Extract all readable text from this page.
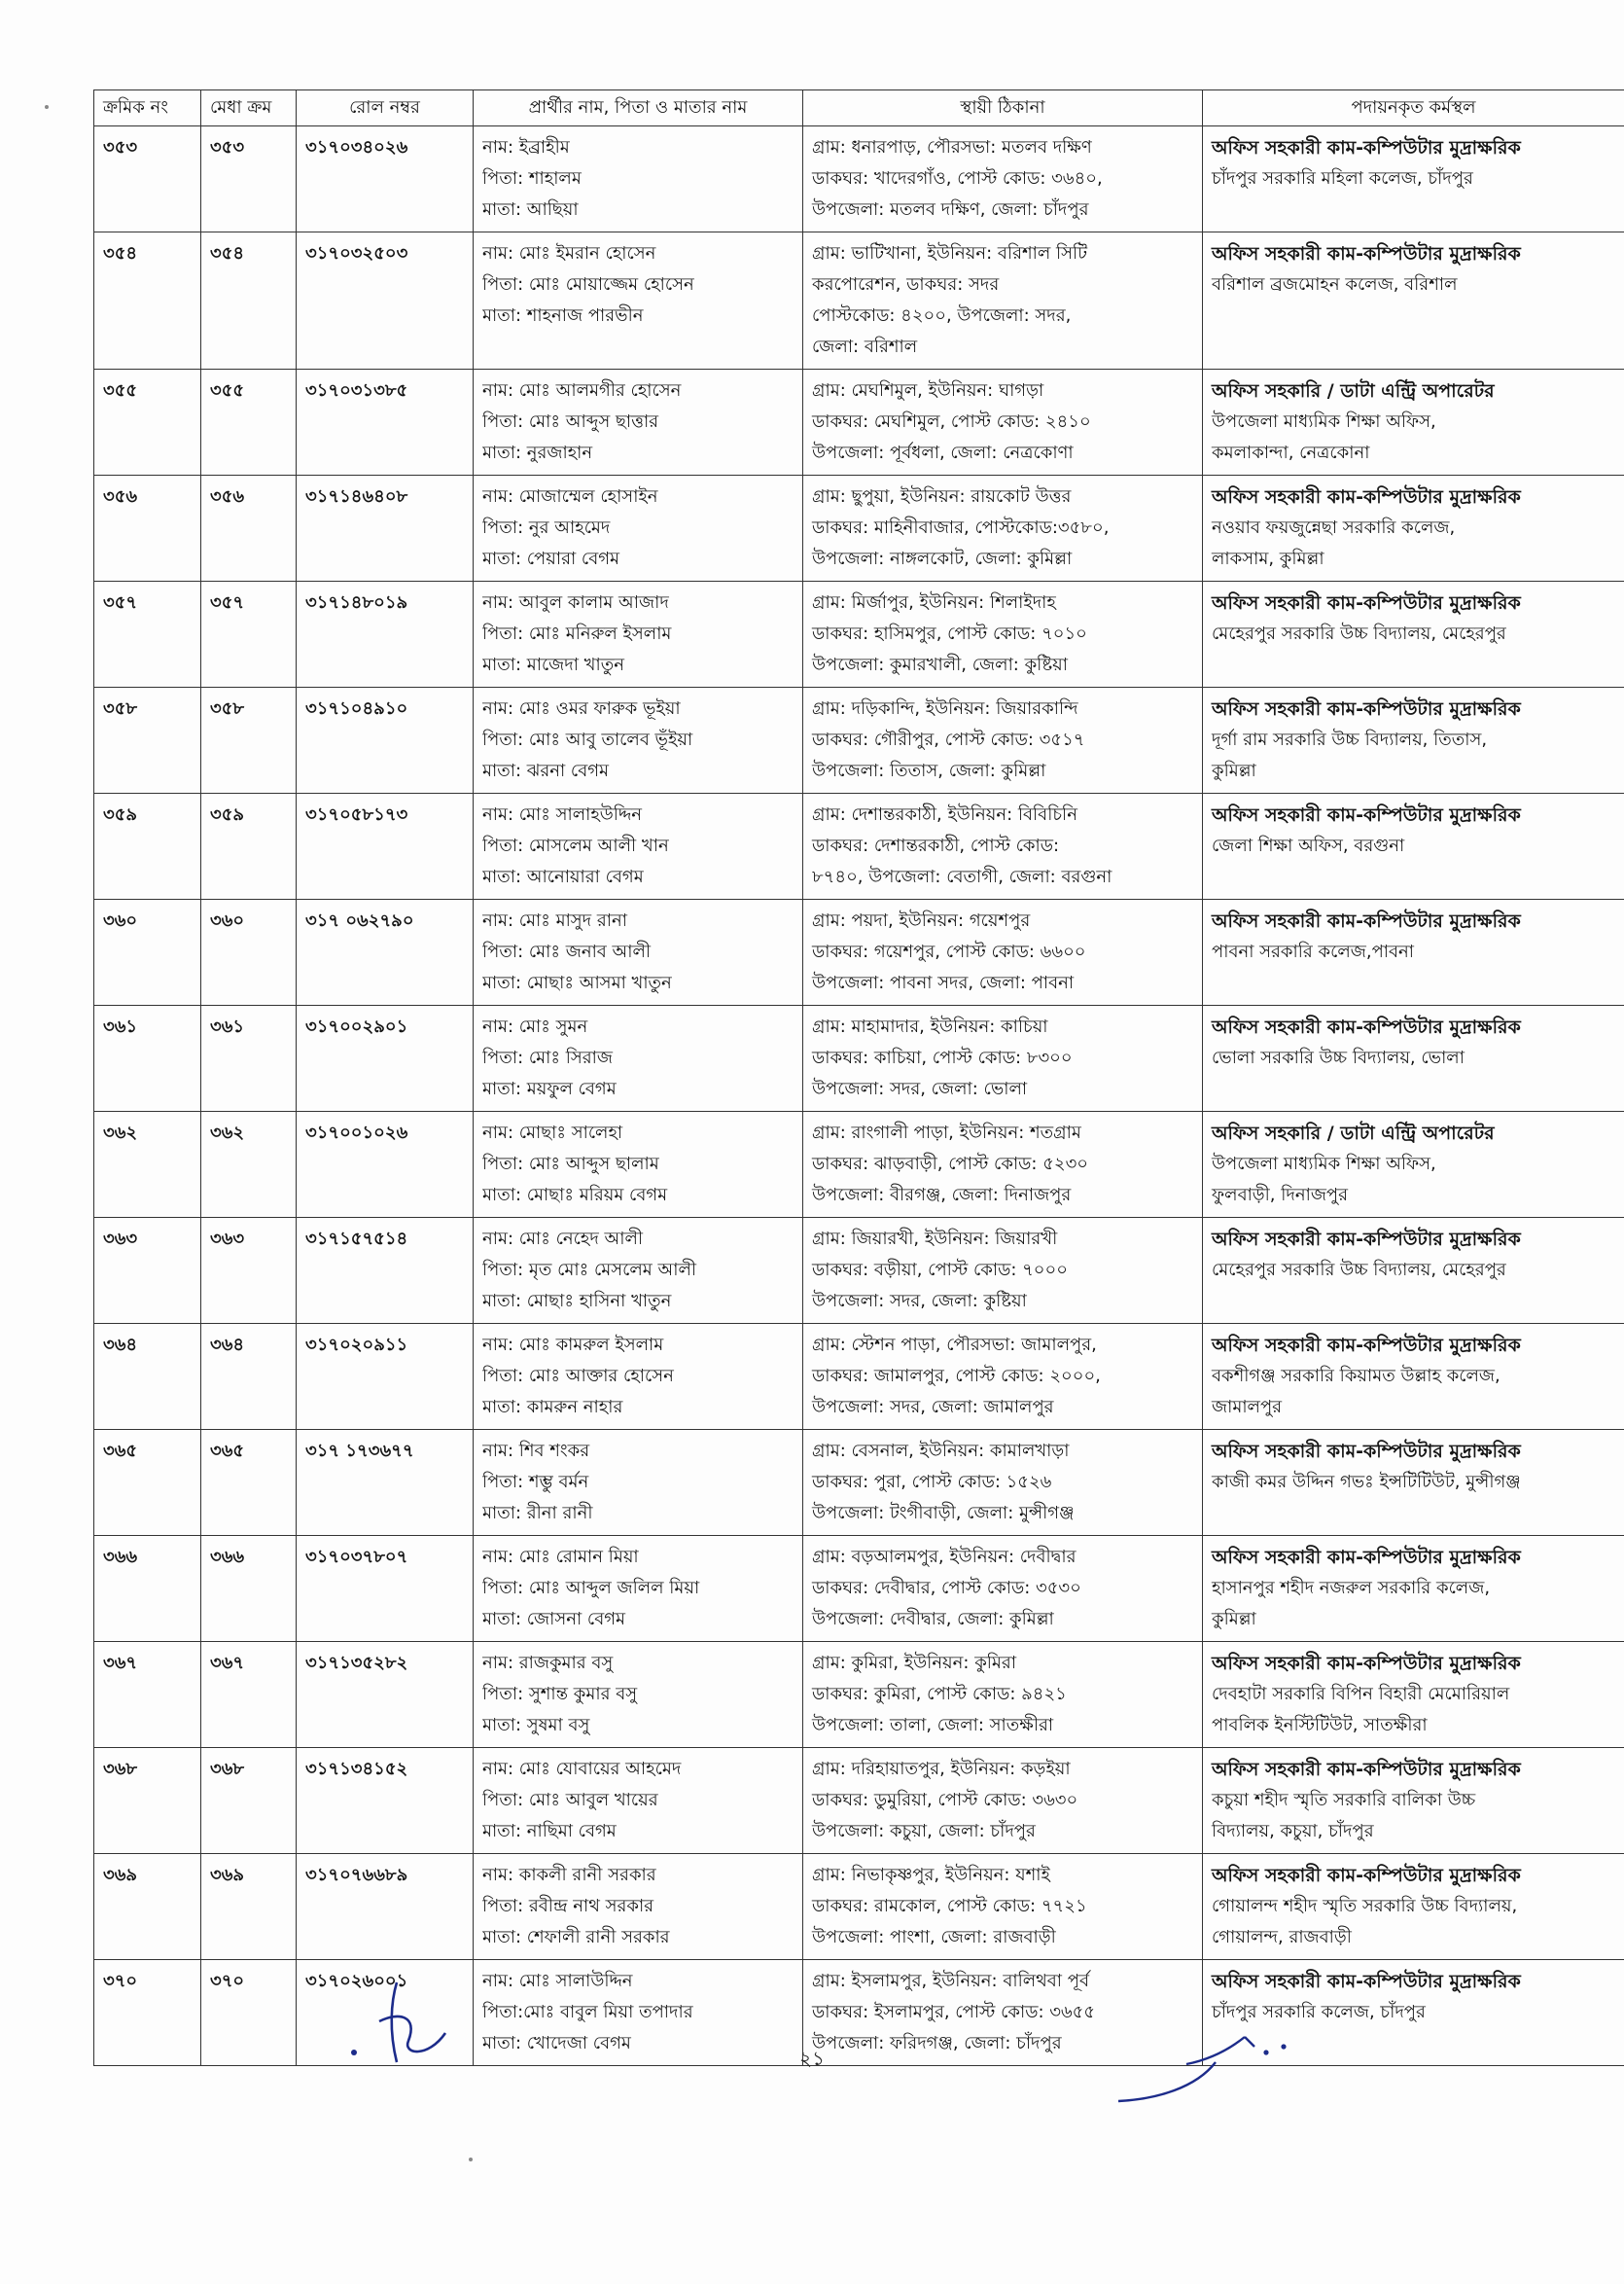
ক্রমিক নং	মেধা ক্রম	রোল নম্বর	প্রার্থীর নাম, পিতা ও মাতার নাম	স্থায়ী ঠিকানা	পদায়নকৃত কর্মস্থল
৩৫৩	৩৫৩	৩১৭০৩৪০২৬	নাম: ইব্রাহীম
পিতা: শাহালম
মাতা: আছিয়া	গ্রাম: ধনারপাড়, পৌরসভা: মতলব দক্ষিণ
ডাকঘর: খাদেরগাঁও, পোস্ট কোড: ৩৬৪০,
উপজেলা: মতলব দক্ষিণ, জেলা: চাঁদপুর	অফিস সহকারী কাম-কম্পিউটার মুদ্রাক্ষরিক
চাঁদপুর সরকারি মহিলা কলেজ, চাঁদপুর

৩৫৪	৩৫৪	৩১৭০৩২৫০৩	নাম: মোঃ ইমরান হোসেন
পিতা: মোঃ মোয়াজ্জেম হোসেন
মাতা: শাহনাজ পারভীন	গ্রাম: ভাটিখানা, ইউনিয়ন: বরিশাল সিটি
করপোরেশন, ডাকঘর: সদর
পোস্টকোড: ৪২০০, উপজেলা: সদর,
জেলা: বরিশাল	অফিস সহকারী কাম-কম্পিউটার মুদ্রাক্ষরিক
বরিশাল ব্রজমোহন কলেজ, বরিশাল

৩৫৫	৩৫৫	৩১৭০৩১৩৮৫	নাম: মোঃ আলমগীর হোসেন
পিতা: মোঃ আব্দুস ছাত্তার
মাতা: নুরজাহান	গ্রাম: মেঘশিমুল, ইউনিয়ন: ঘাগড়া
ডাকঘর: মেঘশিমুল, পোস্ট কোড: ২৪১০
উপজেলা: পূর্বধলা, জেলা: নেত্রকোণা	অফিস সহকারি / ডাটা এন্ট্রি অপারেটর
উপজেলা মাধ্যমিক শিক্ষা অফিস,
কমলাকান্দা, নেত্রকোনা

৩৫৬	৩৫৬	৩১৭১৪৬৪০৮	নাম: মোজাম্মেল হোসাইন
পিতা: নুর আহমেদ
মাতা: পেয়ারা বেগম	গ্রাম: ছুপুয়া, ইউনিয়ন: রায়কোট উত্তর
ডাকঘর: মাহিনীবাজার, পোস্টকোড:৩৫৮০,
উপজেলা: নাঙ্গলকোট, জেলা: কুমিল্লা	অফিস সহকারী কাম-কম্পিউটার মুদ্রাক্ষরিক
নওয়াব ফয়জুন্নেছা সরকারি কলেজ,
লাকসাম, কুমিল্লা

৩৫৭	৩৫৭	৩১৭১৪৮০১৯	নাম: আবুল কালাম আজাদ
পিতা: মোঃ মনিরুল ইসলাম
মাতা: মাজেদা খাতুন	গ্রাম: মির্জাপুর, ইউনিয়ন: শিলাইদাহ
ডাকঘর: হাসিমপুর, পোস্ট কোড: ৭০১০
উপজেলা: কুমারখালী, জেলা: কুষ্টিয়া	অফিস সহকারী কাম-কম্পিউটার মুদ্রাক্ষরিক
মেহেরপুর সরকারি উচ্চ বিদ্যালয়, মেহেরপুর

৩৫৮	৩৫৮	৩১৭১০৪৯১০	নাম: মোঃ ওমর ফারুক ভূইয়া
পিতা: মোঃ আবু তালেব ভূঁইয়া
মাতা: ঝরনা বেগম	গ্রাম: দড়িকান্দি, ইউনিয়ন: জিয়ারকান্দি
ডাকঘর: গৌরীপুর, পোস্ট কোড: ৩৫১৭
উপজেলা: তিতাস, জেলা: কুমিল্লা	অফিস সহকারী কাম-কম্পিউটার মুদ্রাক্ষরিক
দূর্গা রাম সরকারি উচ্চ বিদ্যালয়, তিতাস,
কুমিল্লা

৩৫৯	৩৫৯	৩১৭০৫৮১৭৩	নাম: মোঃ সালাহউদ্দিন
পিতা: মোসলেম আলী খান
মাতা: আনোয়ারা বেগম	গ্রাম: দেশান্তরকাঠী, ইউনিয়ন: বিবিচিনি
ডাকঘর: দেশান্তরকাঠী, পোস্ট কোড:
৮৭৪০, উপজেলা: বেতাগী, জেলা: বরগুনা	অফিস সহকারী কাম-কম্পিউটার মুদ্রাক্ষরিক
জেলা শিক্ষা অফিস, বরগুনা

৩৬০	৩৬০	৩১৭ ০৬২৭৯০	নাম: মোঃ মাসুদ রানা
পিতা: মোঃ জনাব আলী
মাতা: মোছাঃ আসমা খাতুন	গ্রাম: পয়দা, ইউনিয়ন: গয়েশপুর
ডাকঘর: গয়েশপুর, পোস্ট কোড: ৬৬০০
উপজেলা: পাবনা সদর, জেলা: পাবনা	অফিস সহকারী কাম-কম্পিউটার মুদ্রাক্ষরিক
পাবনা সরকারি কলেজ,পাবনা

৩৬১	৩৬১	৩১৭০০২৯০১	নাম: মোঃ সুমন
পিতা: মোঃ সিরাজ
মাতা: ময়ফুল বেগম	গ্রাম: মাহামাদার, ইউনিয়ন: কাচিয়া
ডাকঘর: কাচিয়া, পোস্ট কোড: ৮৩০০
উপজেলা: সদর, জেলা: ভোলা	অফিস সহকারী কাম-কম্পিউটার মুদ্রাক্ষরিক
ভোলা সরকারি উচ্চ বিদ্যালয়, ভোলা

৩৬২	৩৬২	৩১৭০০১০২৬	নাম: মোছাঃ সালেহা
পিতা: মোঃ আব্দুস ছালাম
মাতা: মোছাঃ মরিয়ম বেগম	গ্রাম: রাংগালী পাড়া, ইউনিয়ন: শতগ্রাম
ডাকঘর: ঝাড়বাড়ী, পোস্ট কোড: ৫২৩০
উপজেলা: বীরগঞ্জ, জেলা: দিনাজপুর	অফিস সহকারি / ডাটা এন্ট্রি অপারেটর
উপজেলা মাধ্যমিক শিক্ষা অফিস,
ফুলবাড়ী, দিনাজপুর

৩৬৩	৩৬৩	৩১৭১৫৭৫১৪	নাম: মোঃ নেহেদ আলী
পিতা: মৃত মোঃ মেসলেম আলী
মাতা: মোছাঃ হাসিনা খাতুন	গ্রাম: জিয়ারখী, ইউনিয়ন: জিয়ারখী
ডাকঘর: বড়ীয়া, পোস্ট কোড: ৭০০০
উপজেলা: সদর, জেলা: কুষ্টিয়া	অফিস সহকারী কাম-কম্পিউটার মুদ্রাক্ষরিক
মেহেরপুর সরকারি উচ্চ বিদ্যালয়, মেহেরপুর

৩৬৪	৩৬৪	৩১৭০২০৯১১	নাম: মোঃ কামরুল ইসলাম
পিতা: মোঃ আক্তার হোসেন
মাতা: কামরুন নাহার	গ্রাম: স্টেশন পাড়া, পৌরসভা: জামালপুর,
ডাকঘর: জামালপুর, পোস্ট কোড: ২০০০,
উপজেলা: সদর, জেলা: জামালপুর	অফিস সহকারী কাম-কম্পিউটার মুদ্রাক্ষরিক
বকশীগঞ্জ সরকারি কিয়ামত উল্লাহ কলেজ,
জামালপুর

৩৬৫	৩৬৫	৩১৭ ১৭৩৬৭৭	নাম: শিব শংকর
পিতা: শম্ভু বর্মন
মাতা: রীনা রানী	গ্রাম: বেসনাল, ইউনিয়ন: কামালখাড়া
ডাকঘর: পুরা, পোস্ট কোড: ১৫২৬
উপজেলা: টংগীবাড়ী, জেলা: মুন্সীগঞ্জ	অফিস সহকারী কাম-কম্পিউটার মুদ্রাক্ষরিক
কাজী কমর উদ্দিন গভঃ ইন্সটিটিউট, মুন্সীগঞ্জ

৩৬৬	৩৬৬	৩১৭০৩৭৮০৭	নাম: মোঃ রোমান মিয়া
পিতা: মোঃ আব্দুল জলিল মিয়া
মাতা: জোসনা বেগম	গ্রাম: বড়আলমপুর, ইউনিয়ন: দেবীদ্বার
ডাকঘর: দেবীদ্বার, পোস্ট কোড: ৩৫৩০
উপজেলা: দেবীদ্বার, জেলা: কুমিল্লা	অফিস সহকারী কাম-কম্পিউটার মুদ্রাক্ষরিক
হাসানপুর শহীদ নজরুল সরকারি কলেজ,
কুমিল্লা

৩৬৭	৩৬৭	৩১৭১৩৫২৮২	নাম: রাজকুমার বসু
পিতা: সুশান্ত কুমার বসু
মাতা: সুষমা বসু	গ্রাম: কুমিরা, ইউনিয়ন: কুমিরা
ডাকঘর: কুমিরা, পোস্ট কোড: ৯৪২১
উপজেলা: তালা, জেলা: সাতক্ষীরা	অফিস সহকারী কাম-কম্পিউটার মুদ্রাক্ষরিক
দেবহাটা সরকারি বিপিন বিহারী মেমোরিয়াল
পাবলিক ইনস্টিটিউট, সাতক্ষীরা

৩৬৮	৩৬৮	৩১৭১৩৪১৫২	নাম: মোঃ যোবায়ের আহমেদ
পিতা: মোঃ আবুল খায়ের
মাতা: নাছিমা বেগম	গ্রাম: দরিহায়াতপুর, ইউনিয়ন: কড়ইয়া
ডাকঘর: ডুমুরিয়া, পোস্ট কোড: ৩৬৩০
উপজেলা: কচুয়া, জেলা: চাঁদপুর	অফিস সহকারী কাম-কম্পিউটার মুদ্রাক্ষরিক
কচুয়া শহীদ স্মৃতি সরকারি বালিকা উচ্চ
বিদ্যালয়, কচুয়া, চাঁদপুর

৩৬৯	৩৬৯	৩১৭০৭৬৬৮৯	নাম: কাকলী রানী সরকার
পিতা: রবীন্দ্র নাথ সরকার
মাতা: শেফালী রানী সরকার	গ্রাম: নিভাকৃষ্ণপুর, ইউনিয়ন: যশাই
ডাকঘর: রামকোল, পোস্ট কোড: ৭৭২১
উপজেলা: পাংশা, জেলা: রাজবাড়ী	অফিস সহকারী কাম-কম্পিউটার মুদ্রাক্ষরিক
গোয়ালন্দ শহীদ স্মৃতি সরকারি উচ্চ বিদ্যালয়,
গোয়ালন্দ, রাজবাড়ী

৩৭০	৩৭০	৩১৭০২৬০০১	নাম: মোঃ সালাউদ্দিন
পিতা:মোঃ বাবুল মিয়া তপাদার
মাতা: খোদেজা বেগম	গ্রাম: ইসলামপুর, ইউনিয়ন: বালিথবা পূর্ব
ডাকঘর: ইসলামপুর, পোস্ট কোড: ৩৬৫৫
উপজেলা: ফরিদগঞ্জ, জেলা: চাঁদপুর	অফিস সহকারী কাম-কম্পিউটার মুদ্রাক্ষরিক
চাঁদপুর সরকারি কলেজ, চাঁদপুর
২১
